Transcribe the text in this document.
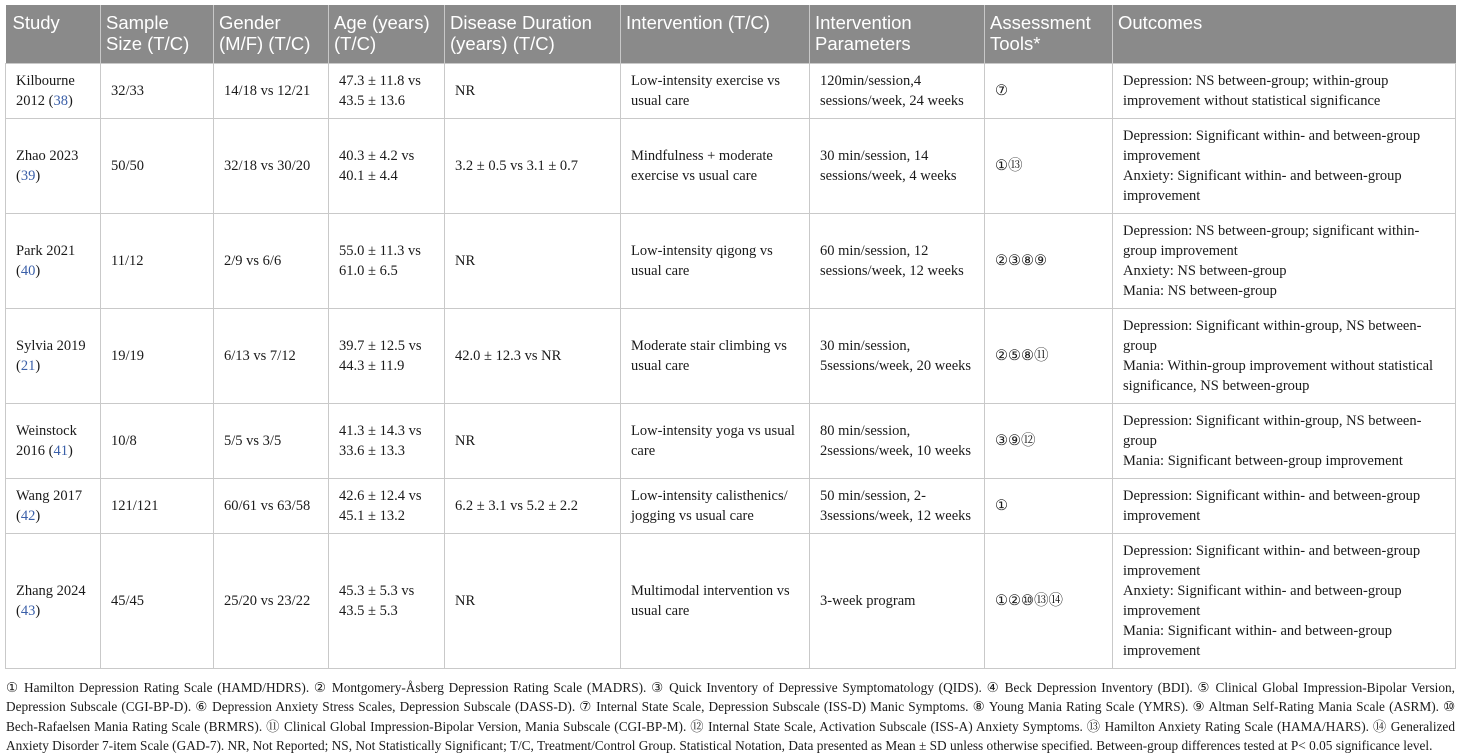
Study	Sample Size (T/C)	Gender (M/F) (T/C)	Age (years) (T/C)	Disease Duration (years) (T/C)	Intervention (T/C)	Intervention Parameters	Assessment Tools*	Outcomes
Kilbourne 2012 (38)	32/33	14/18 vs 12/21	47.3 ± 11.8 vs 43.5 ± 13.6	NR	Low-intensity exercise vs usual care	120min/session,4 sessions/week, 24 weeks	⑦	Depression: NS between-group; within-group improvement without statistical significance

Zhao 2023 (39)	50/50	32/18 vs 30/20	40.3 ± 4.2 vs 40.1 ± 4.4	3.2 ± 0.5 vs 3.1 ± 0.7	Mindfulness + moderate exercise vs usual care	30 min/session, 14 sessions/week, 4 weeks	①⑬	Depression: Significant within- and between-group improvement
Anxiety: Significant within- and between-group improvement

Park 2021 (40)	11/12	2/9 vs 6/6	55.0 ± 11.3 vs 61.0 ± 6.5	NR	Low-intensity qigong vs usual care	60 min/session, 12 sessions/week, 12 weeks	②③⑧⑨	Depression: NS between-group; significant within-group improvement
Anxiety: NS between-group
Mania: NS between-group

Sylvia 2019 (21)	19/19	6/13 vs 7/12	39.7 ± 12.5 vs 44.3 ± 11.9	42.0 ± 12.3 vs NR	Moderate stair climbing vs usual care	30 min/session, 5sessions/week, 20 weeks	②⑤⑧⑪	Depression: Significant within-group, NS between-group
Mania: Within-group improvement without statistical significance, NS between-group

Weinstock 2016 (41)	10/8	5/5 vs 3/5	41.3 ± 14.3 vs 33.6 ± 13.3	NR	Low-intensity yoga vs usual care	80 min/session, 2sessions/week, 10 weeks	③⑨⑫	Depression: Significant within-group, NS between-group
Mania: Significant between-group improvement

Wang 2017 (42)	121/121	60/61 vs 63/58	42.6 ± 12.4 vs 45.1 ± 13.2	6.2 ± 3.1 vs 5.2 ± 2.2	Low-intensity calisthenics/ jogging vs usual care	50 min/session, 2-3sessions/week, 12 weeks	①	Depression: Significant within- and between-group improvement

Zhang 2024 (43)	45/45	25/20 vs 23/22	45.3 ± 5.3 vs 43.5 ± 5.3	NR	Multimodal intervention vs usual care	3-week program	①②⑩⑬⑭	Depression: Significant within- and between-group improvement
Anxiety: Significant within- and between-group improvement
Mania: Significant within- and between-group improvement
① Hamilton Depression Rating Scale (HAMD/HDRS). ② Montgomery-Åsberg Depression Rating Scale (MADRS). ③ Quick Inventory of Depressive Symptomatology (QIDS). ④ Beck Depression Inventory (BDI). ⑤ Clinical Global Impression-Bipolar Version, Depression Subscale (CGI-BP-D). ⑥ Depression Anxiety Stress Scales, Depression Subscale (DASS-D). ⑦ Internal State Scale, Depression Subscale (ISS-D) Manic Symptoms. ⑧ Young Mania Rating Scale (YMRS). ⑨ Altman Self-Rating Mania Scale (ASRM). ⑩ Bech-Rafaelsen Mania Rating Scale (BRMRS). ⑪ Clinical Global Impression-Bipolar Version, Mania Subscale (CGI-BP-M). ⑫ Internal State Scale, Activation Subscale (ISS-A) Anxiety Symptoms. ⑬ Hamilton Anxiety Rating Scale (HAMA/HARS). ⑭ Generalized Anxiety Disorder 7-item Scale (GAD-7). NR, Not Reported; NS, Not Statistically Significant; T/C, Treatment/Control Group. Statistical Notation, Data presented as Mean ± SD unless otherwise specified. Between-group differences tested at P< 0.05 significance level.
